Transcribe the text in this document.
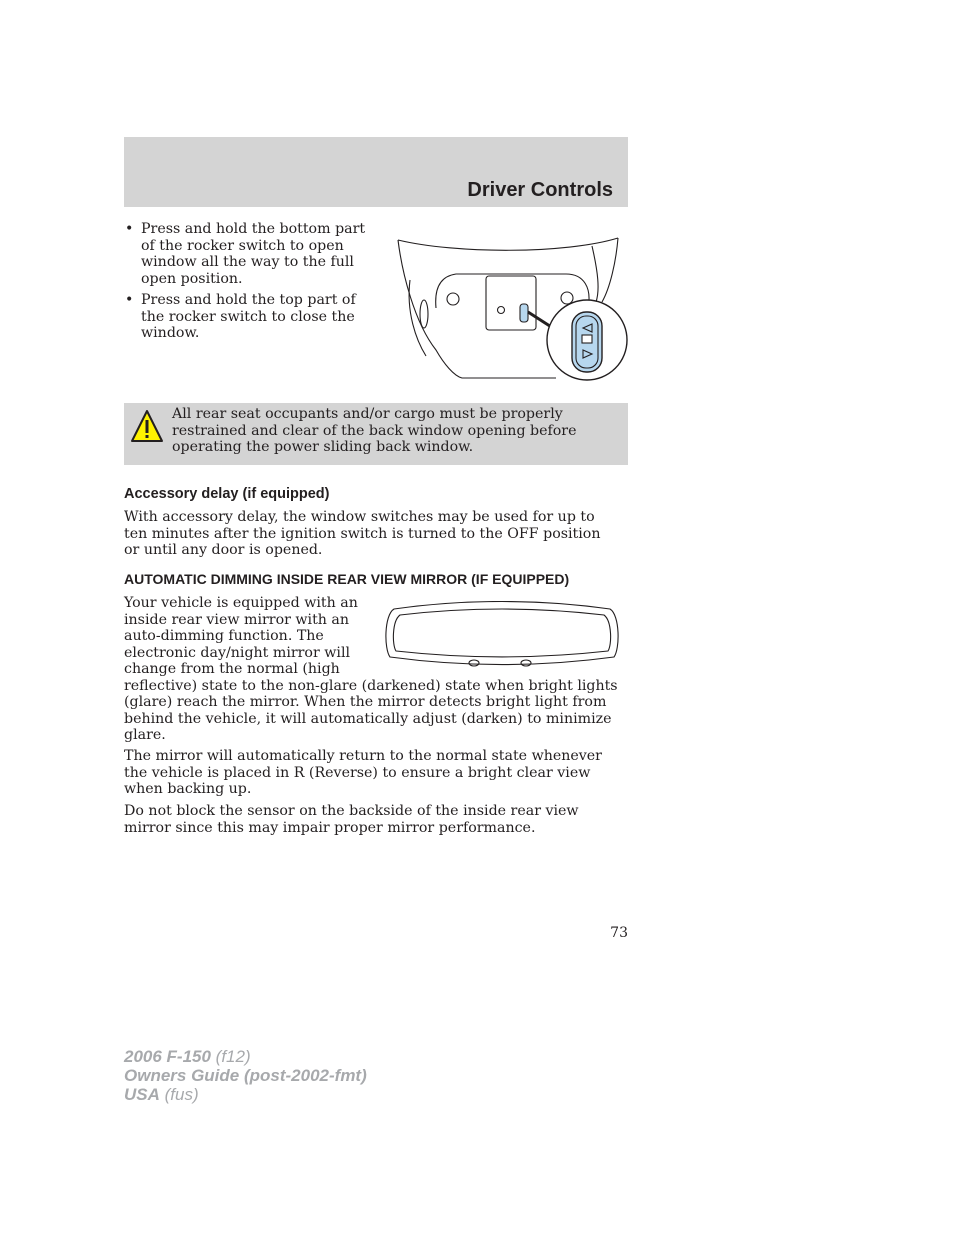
Driver Controls
• Press and hold the bottom part of the rocker switch to open window all the way to the full open position.
• Press and hold the top part of the rocker switch to close the window.
All rear seat occupants and/or cargo must be properly restrained and clear of the back window opening before operating the power sliding back window.
Accessory delay (if equipped)

With accessory delay, the window switches may be used for up to ten minutes after the ignition switch is turned to the OFF position or until any door is opened.

AUTOMATIC DIMMING INSIDE REAR VIEW MIRROR (IF EQUIPPED)
Your vehicle is equipped with an inside rear view mirror with an auto-dimming function. The electronic day/night mirror will change from the normal (high reflective) state to the non-glare (darkened) state when bright lights (glare) reach the mirror. When the mirror detects bright light from behind the vehicle, it will automatically adjust (darken) to minimize glare.

The mirror will automatically return to the normal state whenever the vehicle is placed in R (Reverse) to ensure a bright clear view when backing up.

Do not block the sensor on the backside of the inside rear view mirror since this may impair proper mirror performance.

73
2006 F-150 (f12)
Owners Guide (post-2002-fmt)
USA (fus)
